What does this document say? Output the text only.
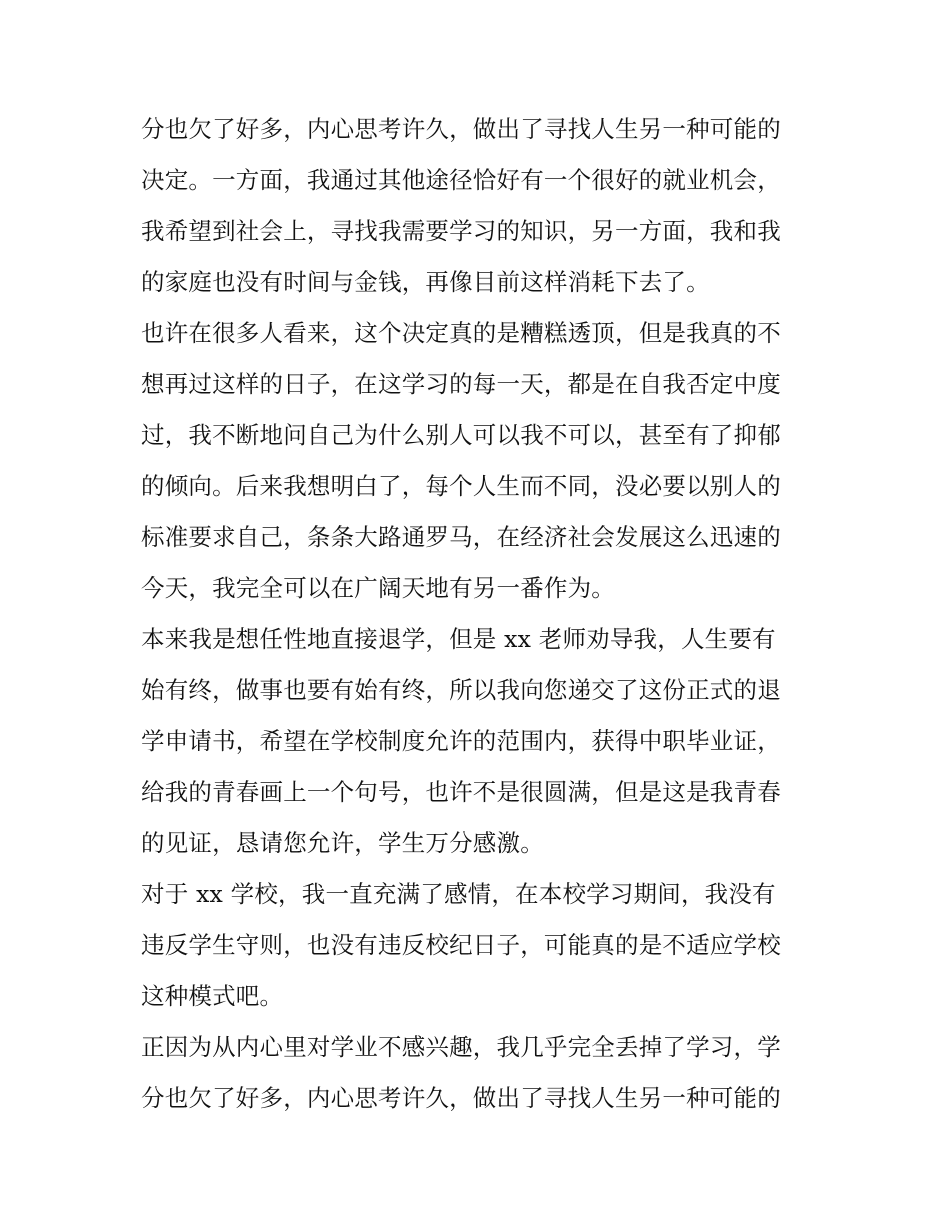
分也欠了好多，内心思考许久，做出了寻找人生另一种可能的
决定。一方面，我通过其他途径恰好有一个很好的就业机会，
我希望到社会上，寻找我需要学习的知识，另一方面，我和我
的家庭也没有时间与金钱，再像目前这样消耗下去了。
也许在很多人看来，这个决定真的是糟糕透顶，但是我真的不
想再过这样的日子，在这学习的每一天，都是在自我否定中度
过，我不断地问自己为什么别人可以我不可以，甚至有了抑郁
的倾向。后来我想明白了，每个人生而不同，没必要以别人的
标准要求自己，条条大路通罗马，在经济社会发展这么迅速的
今天，我完全可以在广阔天地有另一番作为。
本来我是想任性地直接退学，但是 xx 老师劝导我，人生要有
始有终，做事也要有始有终，所以我向您递交了这份正式的退
学申请书，希望在学校制度允许的范围内，获得中职毕业证，
给我的青春画上一个句号，也许不是很圆满，但是这是我青春
的见证，恳请您允许，学生万分感激。
对于 xx 学校，我一直充满了感情，在本校学习期间，我没有
违反学生守则，也没有违反校纪日子，可能真的是不适应学校
这种模式吧。
正因为从内心里对学业不感兴趣，我几乎完全丢掉了学习，学
分也欠了好多，内心思考许久，做出了寻找人生另一种可能的
